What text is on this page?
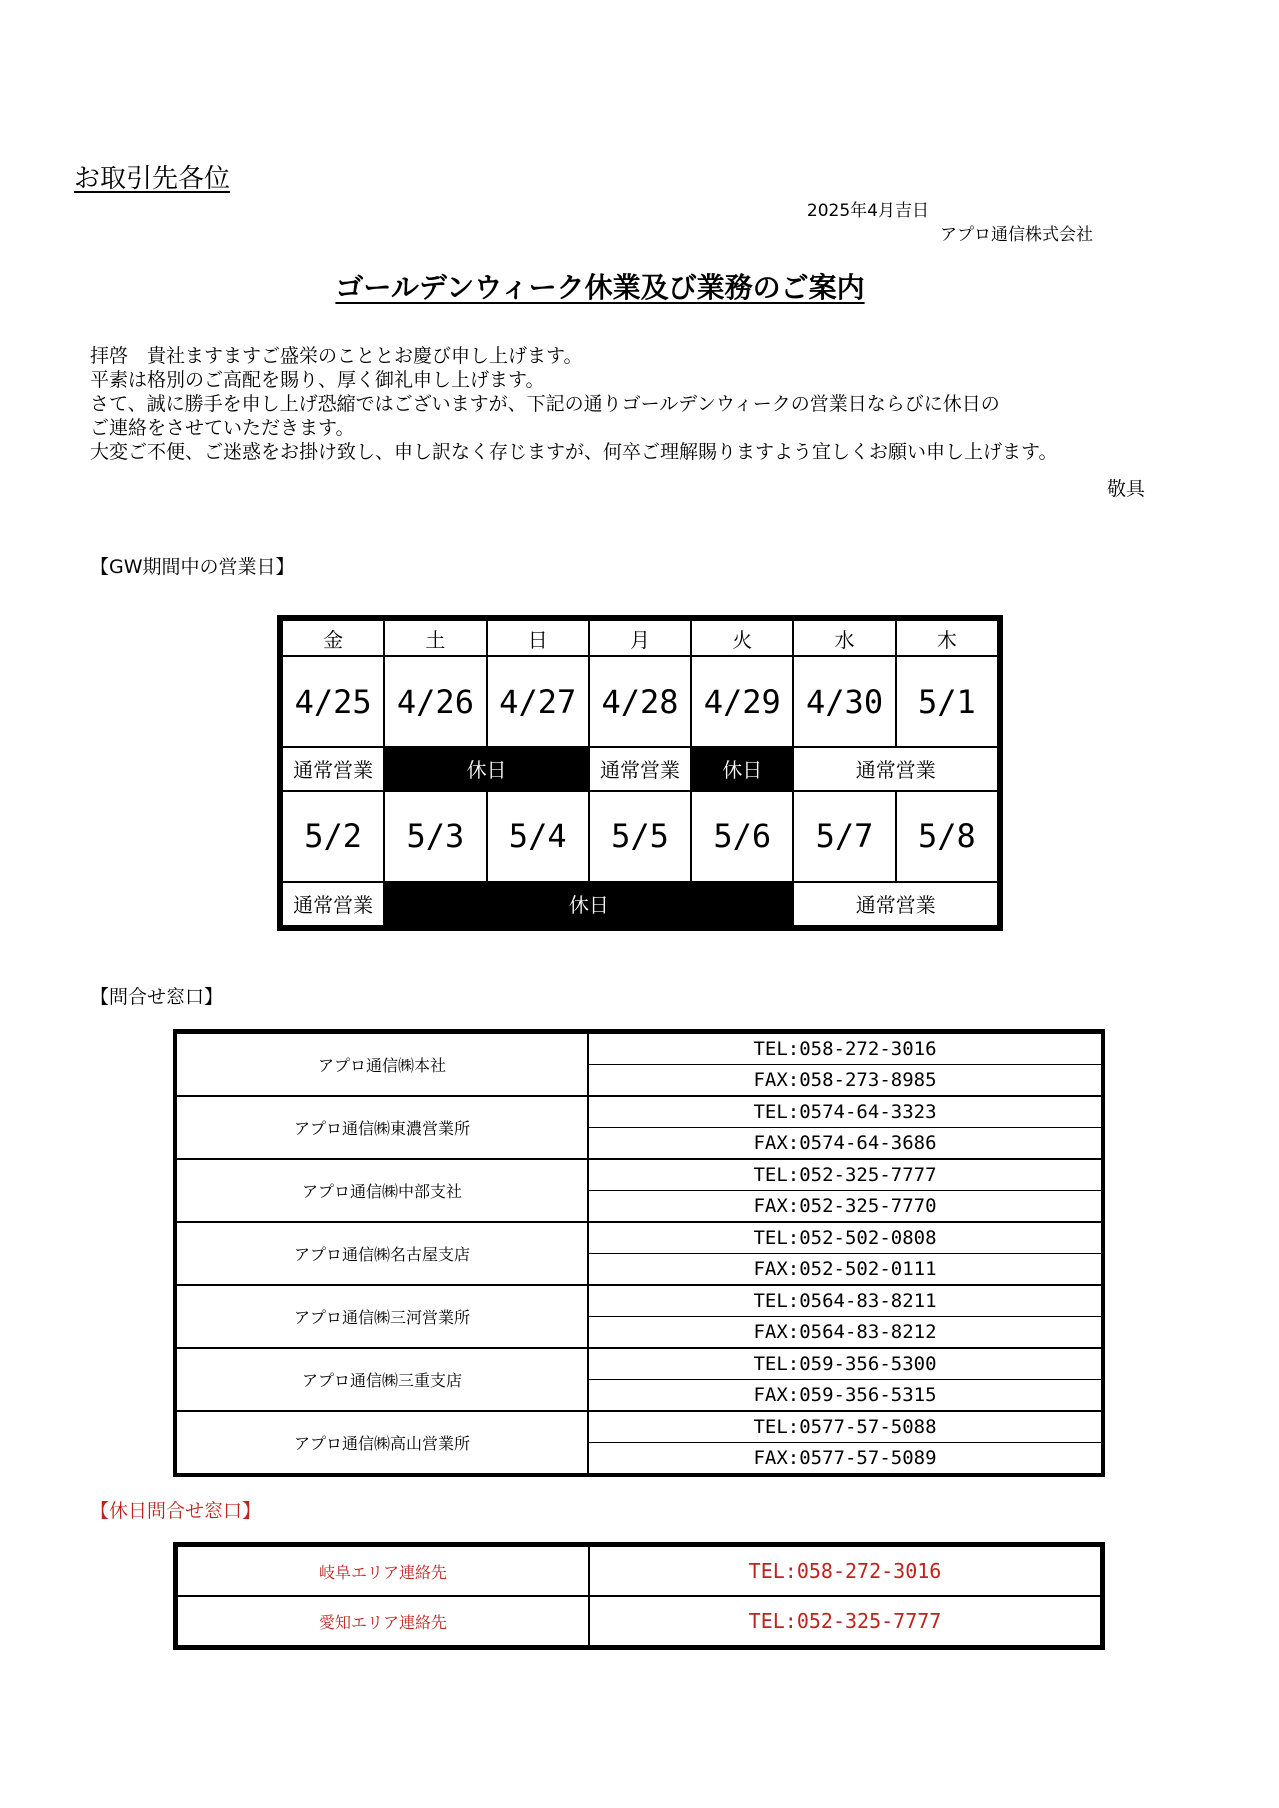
お取引先各位
2025年4月吉日
アプロ通信株式会社
ゴールデンウィーク休業及び業務のご案内
拝啓　貴社ますますご盛栄のこととお慶び申し上げます。
平素は格別のご高配を賜り、厚く御礼申し上げます。
さて、誠に勝手を申し上げ恐縮ではございますが、下記の通りゴールデンウィークの営業日ならびに休日の
ご連絡をさせていただきます。
大変ご不便、ご迷惑をお掛け致し、申し訳なく存じますが、何卒ご理解賜りますよう宜しくお願い申し上げます。
敬具
【GW期間中の営業日】
金	土	日	月	火	水	木
4/25	4/26	4/27	4/28	4/29	4/30	5/1
通常営業	休日		通常営業	休日	通常営業	
5/2	5/3	5/4	5/5	5/6	5/7	5/8
通常営業	休日				通常営業	
【問合せ窓口】
アプロ通信㈱本社	TEL:058-272-3016
	FAX:058-273-8985
アプロ通信㈱東濃営業所	TEL:0574-64-3323
	FAX:0574-64-3686
アプロ通信㈱中部支社	TEL:052-325-7777
	FAX:052-325-7770
アプロ通信㈱名古屋支店	TEL:052-502-0808
	FAX:052-502-0111
アプロ通信㈱三河営業所	TEL:0564-83-8211
	FAX:0564-83-8212
アプロ通信㈱三重支店	TEL:059-356-5300
	FAX:059-356-5315
アプロ通信㈱高山営業所	TEL:0577-57-5088
	FAX:0577-57-5089
【休日問合せ窓口】
岐阜エリア連絡先	TEL:058-272-3016
愛知エリア連絡先	TEL:052-325-7777
